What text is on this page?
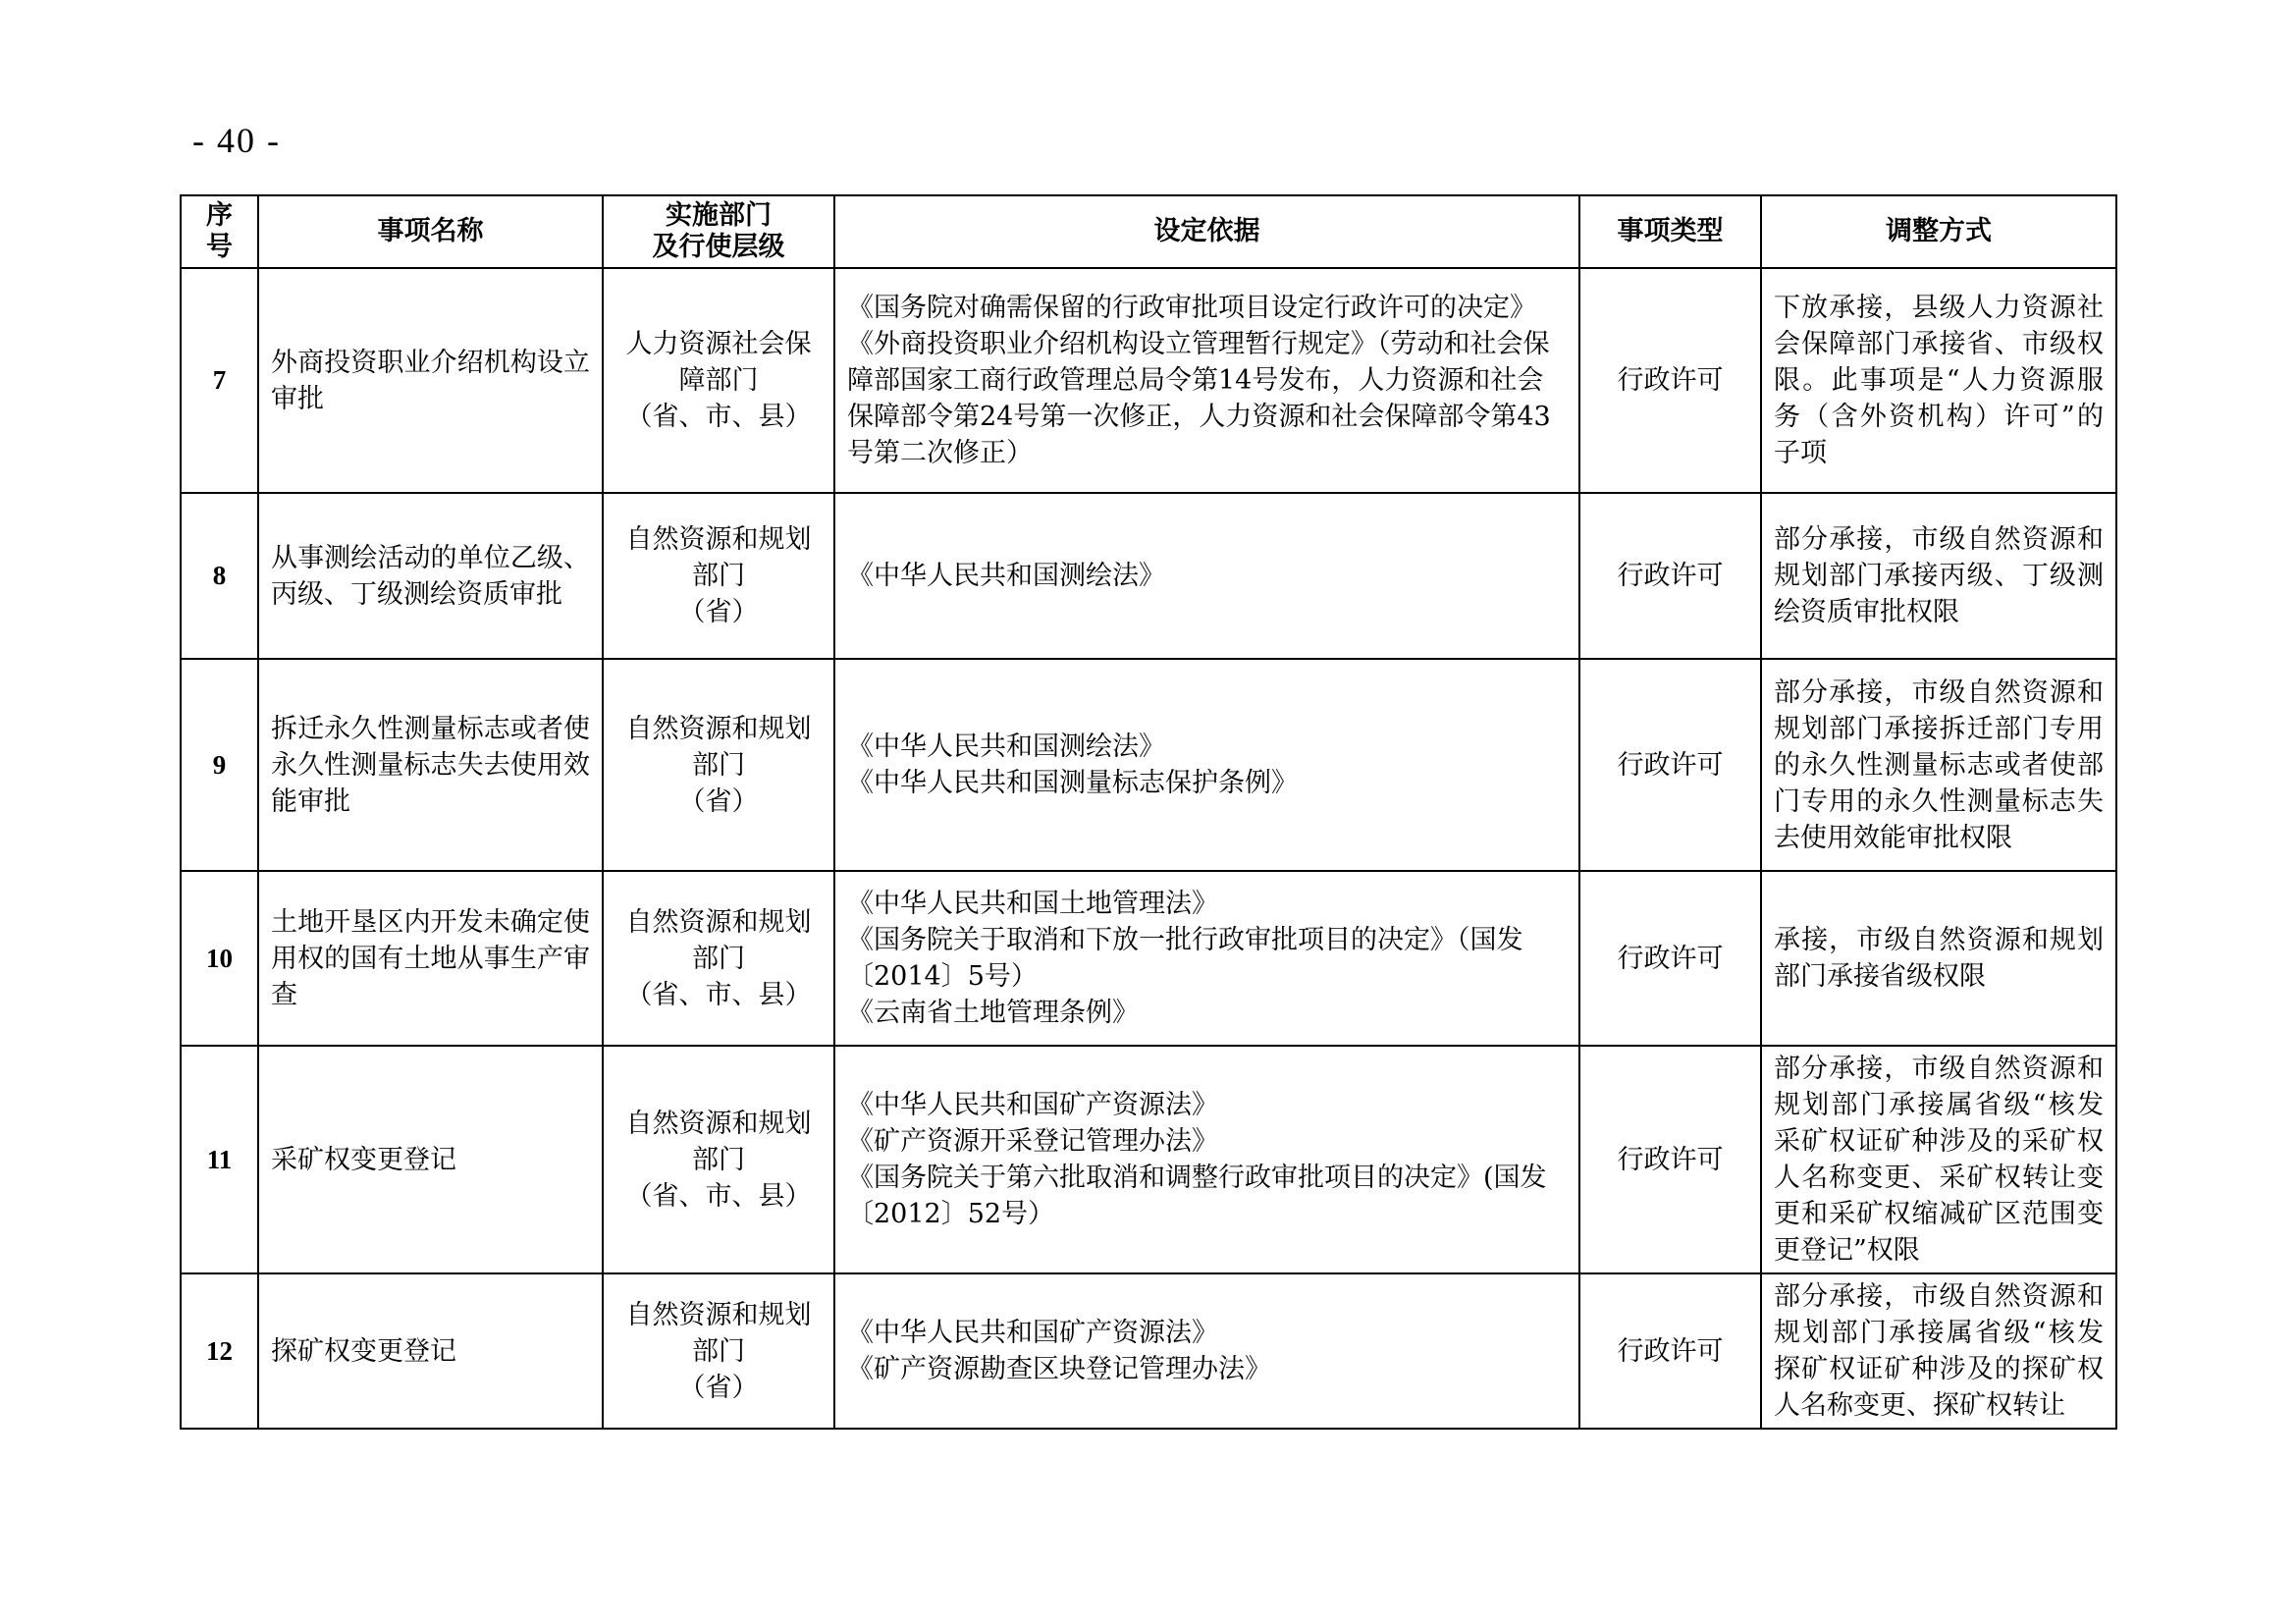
- 40 -
序号	事项名称	实施部门
及行使层级	设定依据	事项类型	调整方式
7	外商投资职业介绍机构设立审批	人力资源社会保障部门
（省、市、县）	《国务院对确需保留的行政审批项目设定行政许可的决定》
《外商投资职业介绍机构设立管理暂行规定》（劳动和社会保障部国家工商行政管理总局令第14号发布，人力资源和社会保障部令第24号第一次修正，人力资源和社会保障部令第43号第二次修正）	行政许可	下放承接，县级人力资源社会保障部门承接省、市级权限。此事项是“人力资源服务（含外资机构）许可”的子项
8	从事测绘活动的单位乙级、丙级、丁级测绘资质审批	自然资源和规划部门
（省）	《中华人民共和国测绘法》	行政许可	部分承接，市级自然资源和规划部门承接丙级、丁级测绘资质审批权限
9	拆迁永久性测量标志或者使永久性测量标志失去使用效能审批	自然资源和规划部门
（省）	《中华人民共和国测绘法》
《中华人民共和国测量标志保护条例》	行政许可	部分承接，市级自然资源和规划部门承接拆迁部门专用的永久性测量标志或者使部门专用的永久性测量标志失去使用效能审批权限
10	土地开垦区内开发未确定使用权的国有土地从事生产审查	自然资源和规划部门
（省、市、县）	《中华人民共和国土地管理法》
《国务院关于取消和下放一批行政审批项目的决定》（国发〔2014〕5号）
《云南省土地管理条例》	行政许可	承接，市级自然资源和规划部门承接省级权限
11	采矿权变更登记	自然资源和规划部门
（省、市、县）	《中华人民共和国矿产资源法》
《矿产资源开采登记管理办法》
《国务院关于第六批取消和调整行政审批项目的决定》(国发〔2012〕52号）	行政许可	部分承接，市级自然资源和规划部门承接属省级“核发采矿权证矿种涉及的采矿权人名称变更、采矿权转让变更和采矿权缩减矿区范围变更登记”权限
12	探矿权变更登记	自然资源和规划部门
（省）	《中华人民共和国矿产资源法》
《矿产资源勘查区块登记管理办法》	行政许可	部分承接，市级自然资源和规划部门承接属省级“核发探矿权证矿种涉及的探矿权人名称变更、探矿权转让
